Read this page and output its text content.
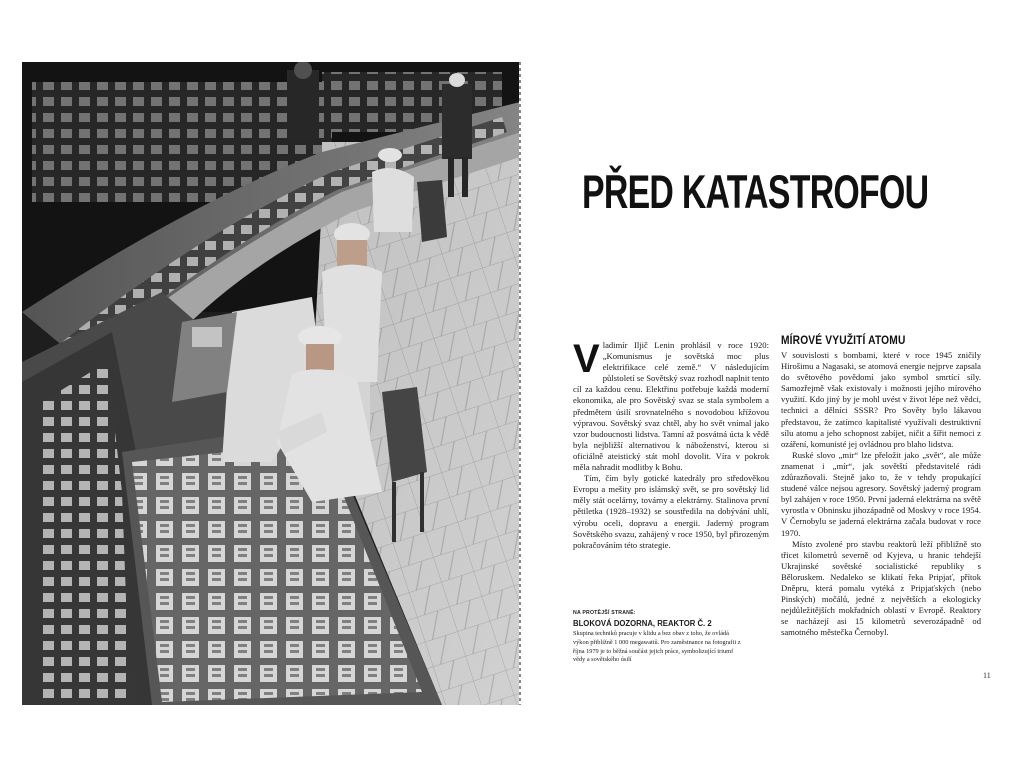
PŘED KATASTROFOU

Vladimír Iljič Lenin prohlásil v roce 1920: „Komunismus je sovětská moc plus elektrifikace celé země.“ V následujícím půlstoletí se Sovětský svaz rozhodl naplnit tento cíl za každou cenu. Elektřinu potřebuje každá moderní ekonomika, ale pro Sovětský svaz se stala symbolem a předmětem úsilí srovnatelného s novodobou křížovou výpravou. Sovětský svaz chtěl, aby ho svět vnímal jako vzor budoucnosti lidstva. Tamní až posvátná úcta k vědě byla nejbližší alternativou k náboženství, kterou si oficiálně ateistický stát mohl dovolit. Víra v pokrok měla nahradit modlitby k Bohu.

Tím, čím byly gotické katedrály pro středověkou Evropu a mešity pro islámský svět, se pro sovětský lid měly stát ocelárny, továrny a elektrárny. Stalinova první pětiletka (1928–1932) se soustředila na dobývání uhlí, výrobu oceli, dopravu a energii. Jaderný program Sovětského svazu, zahájený v roce 1950, byl přirozeným pokračováním této strategie.

MÍROVÉ VYUŽITÍ ATOMU

V souvislosti s bombami, které v roce 1945 zničily Hirošimu a Nagasaki, se atomová energie nejprve zapsala do světového povědomí jako symbol smrtící síly. Samozřejmě však existovaly i možnosti jejího mírového využití. Kdo jiný by je mohl uvést v život lépe než vědci, technici a dělníci SSSR? Pro Sověty bylo lákavou představou, že zatímco kapitalisté využívali destruktivní sílu atomu a jeho schopnost zabíjet, ničit a šířit nemoci z ozáření, komunisté jej ovládnou pro blaho lidstva.

Ruské slovo „mir“ lze přeložit jako „svět“, ale může znamenat i „mír“, jak sovětští představitelé rádi zdůrazňovali. Stejně jako to, že v tehdy propukající studené válce nejsou agresory. Sovětský jaderný program byl zahájen v roce 1950. První jaderná elektrárna na světě vyrostla v Obninsku jihozápadně od Moskvy v roce 1954. V Černobylu se jaderná elektrárna začala budovat v roce 1970.

Místo zvolené pro stavbu reaktorů leží přibližně sto třicet kilometrů severně od Kyjeva, u hranic tehdejší Ukrajinské sovětské socialistické republiky s Běloruskem. Nedaleko se klikatí řeka Pripjať, přítok Dněpru, která pomalu vytéká z Pripjaťských (nebo Pinských) močálů, jedné z největších a ekologicky nejdůležitějších mokřadních oblastí v Evropě. Reaktory se nacházejí asi 15 kilometrů severozápadně od samotného městečka Černobyl.

NA PROTĚJŠÍ STRANĚ:
BLOKOVÁ DOZORNA, REAKTOR Č. 2
Skupina techniků pracuje v klidu a bez obav z toho, že ovládá výkon přibližně 1 000 megawattů. Pro zaměstnance na fotografii z října 1979 je to běžná součást jejich práce, symbolizující triumf vědy a sovětského úsilí
11
